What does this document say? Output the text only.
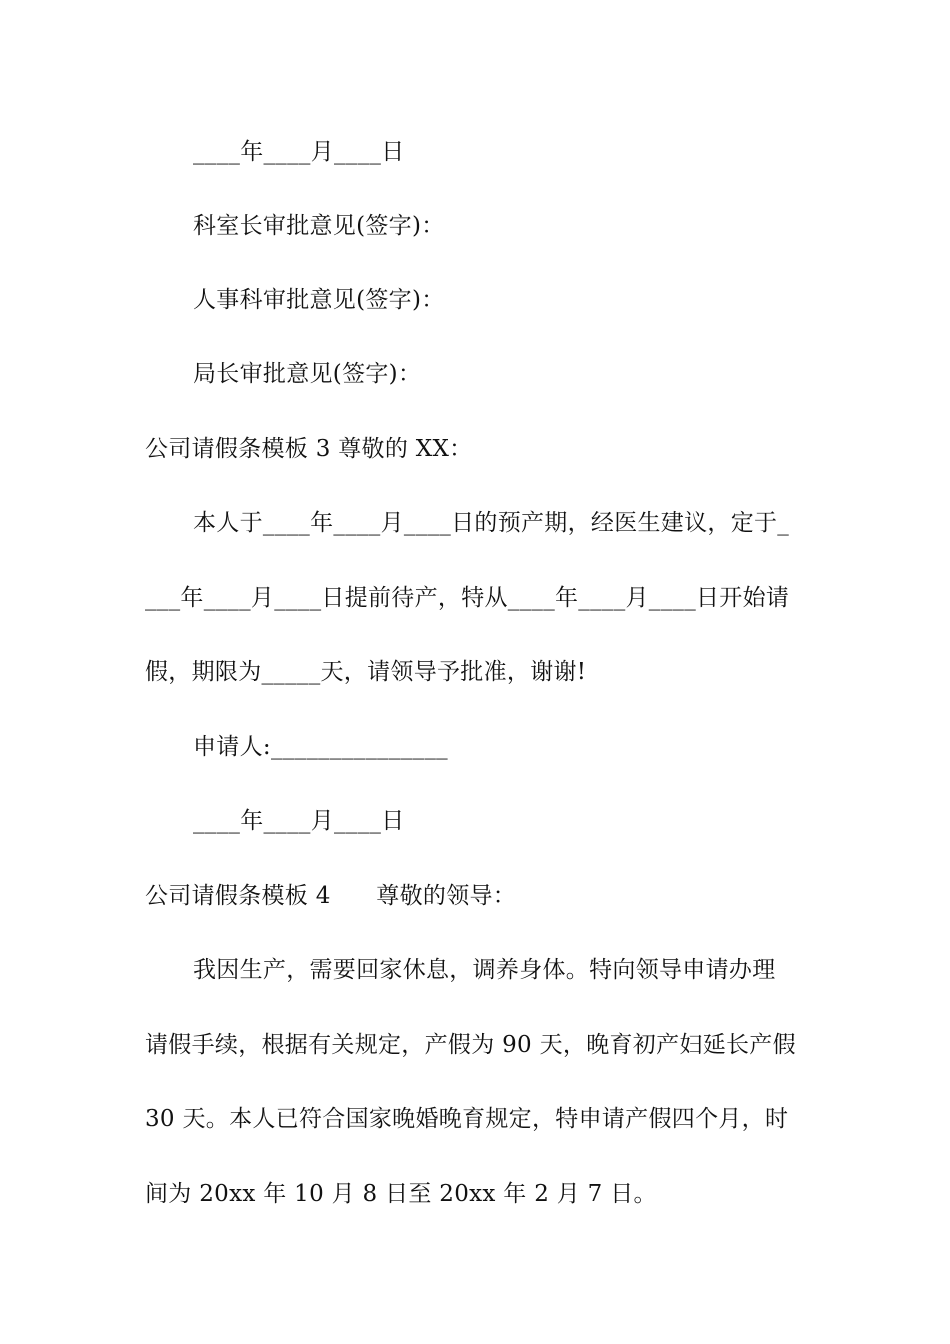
____年____月____日
科室长审批意见(签字)：
人事科审批意见(签字)：
局长审批意见(签字)：
公司请假条模板 3 尊敬的 XX：
本人于____年____月____日的预产期，经医生建议，定于_
___年____月____日提前待产，特从____年____月____日开始请
假，期限为_____天，请领导予批准，谢谢!
申请人:_______________
____年____月____日
公司请假条模板 4      尊敬的领导：
我因生产，需要回家休息，调养身体。特向领导申请办理
请假手续，根据有关规定，产假为 90 天，晚育初产妇延长产假
30 天。本人已符合国家晚婚晚育规定，特申请产假四个月，时
间为 20xx 年 10 月 8 日至 20xx 年 2 月 7 日。
